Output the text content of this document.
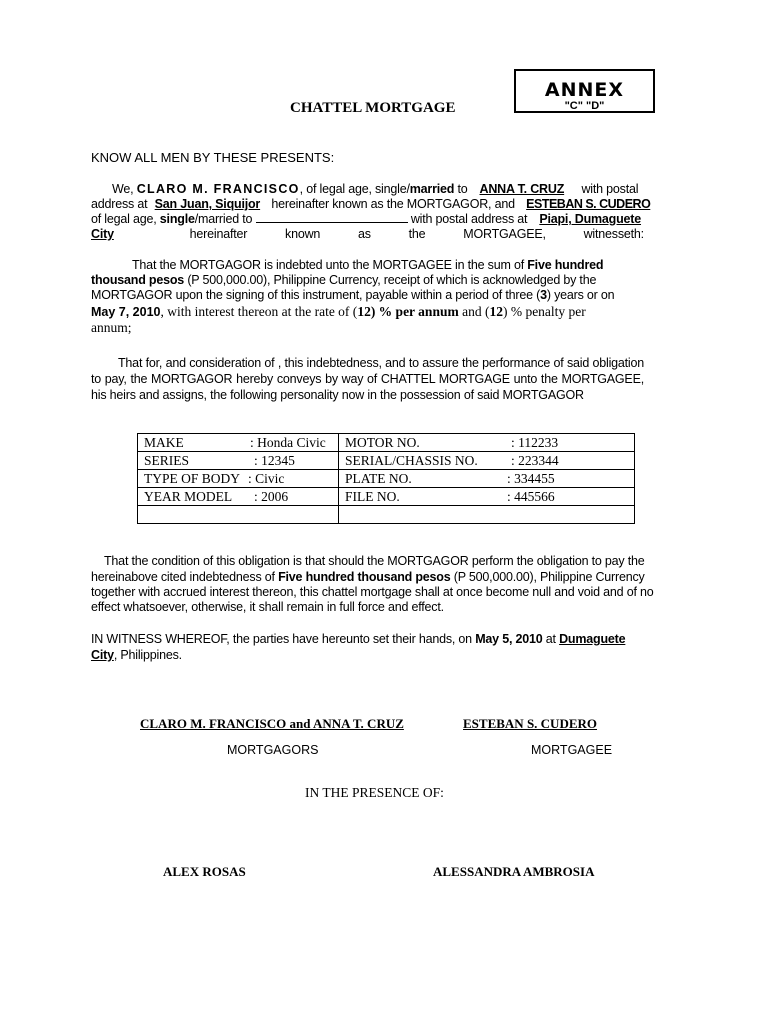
ANNEX
"C" "D"
CHATTEL MORTGAGE
KNOW ALL MEN BY THESE PRESENTS:
We, CLARO M. FRANCISCO, of legal age, single/married to ANNA T. CRUZ with postal
address at San Juan, Siquijor hereinafter known as the MORTGAGOR, and ESTEBAN S. CUDERO
of legal age, single/married to	with postal address at Piapi, Dumaguete
City	hereinafter	known	as	the	MORTGAGEE,	witnesseth:
That the MORTGAGOR is indebted unto the MORTGAGEE in the sum of Five hundred
thousand pesos (P 500,000.00), Philippine Currency, receipt of which is acknowledged by the
MORTGAGOR upon the signing of this instrument, payable within a period of three (3) years or on
May 7, 2010, with interest thereon at the rate of (12) % per annum and (12) % penalty per
annum;
That for, and consideration of , this indebtedness, and to assure the performance of said obligation to pay, the MORTGAGOR hereby conveys by way of CHATTEL MORTGAGE unto the MORTGAGEE, his heirs and assigns, the following personality now in the possession of said MORTGAGOR
MAKE : Honda Civic	MOTOR NO. : 112233
SERIES : 12345	SERIAL/CHASSIS NO. : 223344
TYPE OF BODY : Civic	PLATE NO. : 334455
YEAR MODEL : 2006	FILE NO. : 445566

That the condition of this obligation is that should the MORTGAGOR perform the obligation to pay the
hereinabove cited indebtedness of Five hundred thousand pesos (P 500,000.00), Philippine Currency
together with accrued interest thereon, this chattel mortgage shall at once become null and void and of no
effect whatsoever, otherwise, it shall remain in full force and effect.
IN WITNESS WHEREOF, the parties have hereunto set their hands, on May 5, 2010 at Dumaguete
City, Philippines.
CLARO M. FRANCISCO and ANNA T. CRUZ	ESTEBAN S. CUDERO
MORTGAGORS	MORTGAGEE
IN THE PRESENCE OF:
ALEX ROSAS	ALESSANDRA AMBROSIA
